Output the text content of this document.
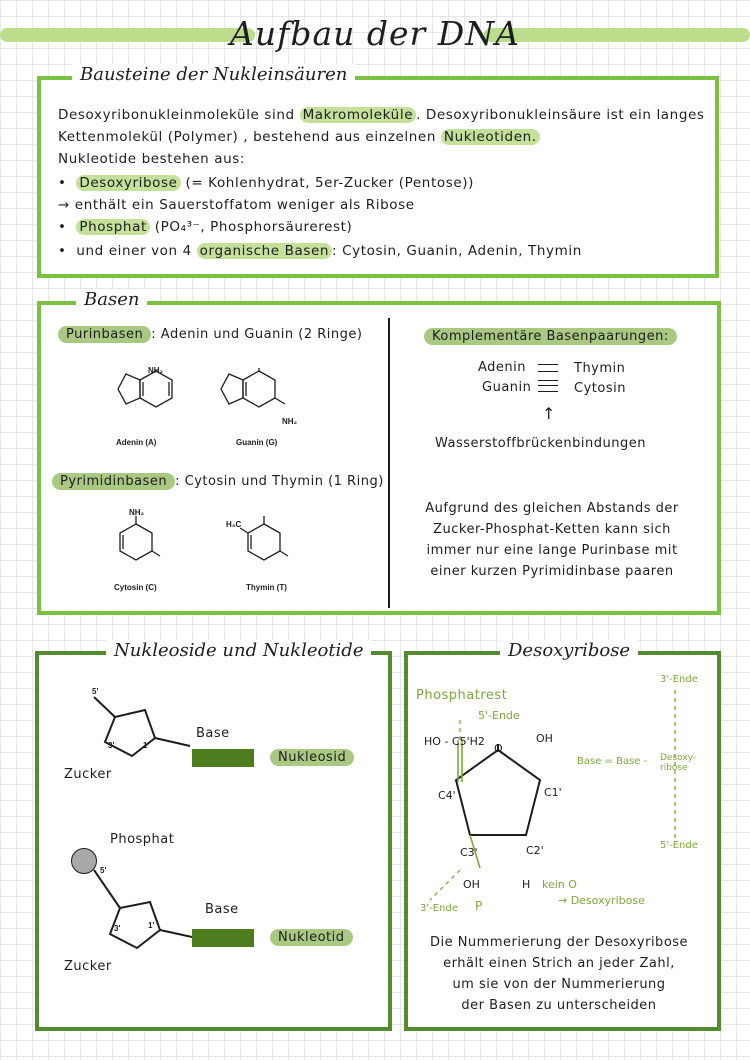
Aufbau der DNA
Bausteine der Nukleinsäuren
Desoxyribonukleinmoleküle sind Makromoleküle . Desoxyribonukleinsäure ist ein langes
Kettenmolekül (Polymer) , bestehend aus einzelnen Nukleotiden.
Nukleotide bestehen aus:
•  Desoxyribose (= Kohlenhydrat, 5er-Zucker (Pentose))
→ enthält ein Sauerstoffatom weniger als Ribose
•  Phosphat (PO₄³⁻, Phosphorsäurerest)
•  und einer von 4 organische Basen : Cytosin, Guanin, Adenin, Thymin
Basen
Purinbasen : Adenin und Guanin (2 Ringe)
NH₂
Adenin (A)
NH₂
Guanin (G)
Pyrimidinbasen : Cytosin und Thymin (1 Ring)
NH₂
Cytosin (C)
H₃C
Thymin (T)
Komplementäre Basenpaarungen:
Adenin	Thymin
Guanin	Cytosin
↑
Wasserstoffbrückenbindungen
Aufgrund des gleichen Abstands der
Zucker-Phosphat-Ketten kann sich
immer nur eine lange Purinbase mit
einer kurzen Pyrimidinbase paaren
Nukleoside und Nukleotide
5'
3'	1'
Base
Zucker
Nukleosid
Phosphat
5'
3'	1'
Base
Zucker
Nukleotid
Desoxyribose
Phosphatrest
5'-Ende
HO - C5'H2
O
OH
Base = Base - Desoxy-
ribose
3'-Ende
5'-Ende
C4'	C1'
C3'	C2'
OH	H kein O
→ Desoxyribose
3'-Ende P
Die Nummerierung der Desoxyribose
erhält einen Strich an jeder Zahl,
um sie von der Nummerierung
der Basen zu unterscheiden
